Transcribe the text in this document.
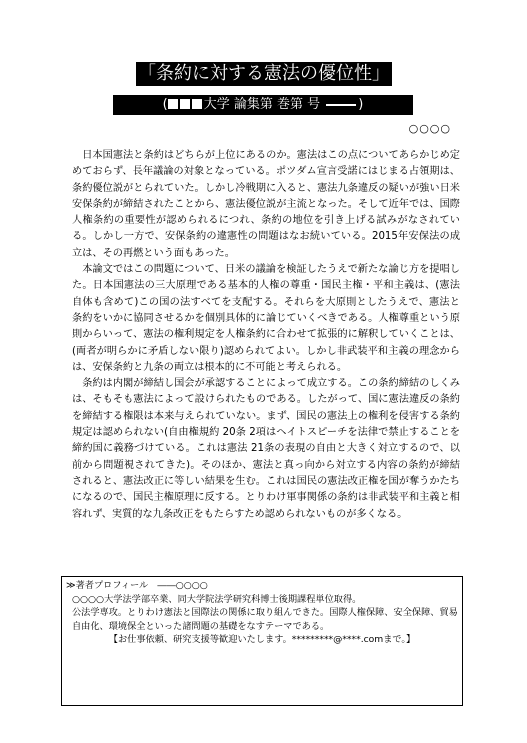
「条約に対する憲法の優位性」
(	大学 論集第 巻第 号	)
○○○○

日本国憲法と条約はどちらが上位にあるのか。憲法はこの点についてあらかじめ定めておらず、長年議論の対象となっている。ポツダム宣言受諾にはじまる占領期は、条約優位説がとられていた。しかし冷戦期に入ると、憲法九条違反の疑いが強い日米安保条約が締結されたことから、憲法優位説が主流となった。そして近年では、国際人権条約の重要性が認められるにつれ、条約の地位を引き上げる試みがなされている。しかし一方で、安保条約の違憲性の問題はなお続いている。2015年安保法の成立は、その再燃という面もあった。

本論文ではこの問題について、日米の議論を検証したうえで新たな論じ方を提唱した。日本国憲法の三大原理である基本的人権の尊重・国民主権・平和主義は、(憲法自体も含めて)この国の法すべてを支配する。それらを大原則としたうえで、憲法と条約をいかに協同させるかを個別具体的に論じていくべきである。人権尊重という原則からいって、憲法の権利規定を人権条約に合わせて拡張的に解釈していくことは、(両者が明らかに矛盾しない限り)認められてよい。しかし非武装平和主義の理念からは、安保条約と九条の両立は根本的に不可能と考えられる。

条約は内閣が締結し国会が承認することによって成立する。この条約締結のしくみは、そもそも憲法によって設けられたものである。したがって、国に憲法違反の条約を締結する権限は本来与えられていない。まず、国民の憲法上の権利を侵害する条約規定は認められない(自由権規約 20条 2項はヘイトスピーチを法律で禁止することを締約国に義務づけている。これは憲法 21条の表現の自由と大きく対立するので、以前から問題視されてきた)。そのほか、憲法と真っ向から対立する内容の条約が締結されると、憲法改正に等しい結果を生む。これは国民の憲法改正権を国が奪うかたちになるので、国民主権原理に反する。とりわけ軍事関係の条約は非武装平和主義と相容れず、実質的な九条改正をもたらすため認められないものが多くなる。

≫著者プロフィール　――○○○○
○○○○大学法学部卒業、同大学院法学研究科博士後期課程単位取得。
公法学専攻。とりわけ憲法と国際法の関係に取り組んできた。国際人権保障、安全保障、貿易自由化、環境保全といった諸問題の基礎をなすテーマである。
【お仕事依頼、研究支援等歓迎いたします。*********@****.comまで。】
